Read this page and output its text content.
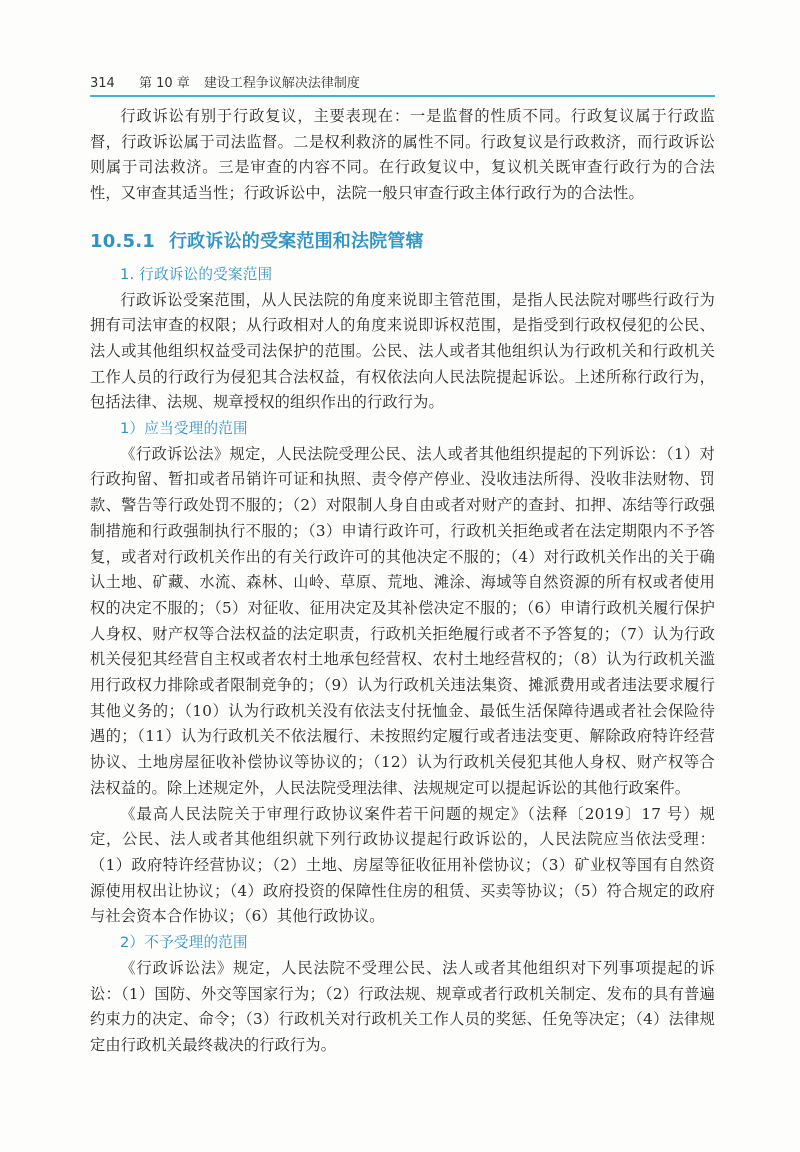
314 第 10 章 建设工程争议解决法律制度

行政诉讼有别于行政复议，主要表现在：一是监督的性质不同。行政复议属于行政监督，行政诉讼属于司法监督。二是权利救济的属性不同。行政复议是行政救济，而行政诉讼则属于司法救济。三是审查的内容不同。在行政复议中，复议机关既审查行政行为的合法性，又审查其适当性；行政诉讼中，法院一般只审查行政主体行政行为的合法性。

10.5.1 行政诉讼的受案范围和法院管辖
1. 行政诉讼的受案范围

行政诉讼受案范围，从人民法院的角度来说即主管范围，是指人民法院对哪些行政行为拥有司法审查的权限；从行政相对人的角度来说即诉权范围，是指受到行政权侵犯的公民、法人或其他组织权益受司法保护的范围。公民、法人或者其他组织认为行政机关和行政机关工作人员的行政行为侵犯其合法权益，有权依法向人民法院提起诉讼。上述所称行政行为，包括法律、法规、规章授权的组织作出的行政行为。

1）应当受理的范围

《行政诉讼法》规定，人民法院受理公民、法人或者其他组织提起的下列诉讼：（1）对行政拘留、暂扣或者吊销许可证和执照、责令停产停业、没收违法所得、没收非法财物、罚款、警告等行政处罚不服的；（2）对限制人身自由或者对财产的查封、扣押、冻结等行政强制措施和行政强制执行不服的；（3）申请行政许可，行政机关拒绝或者在法定期限内不予答复，或者对行政机关作出的有关行政许可的其他决定不服的；（4）对行政机关作出的关于确认土地、矿藏、水流、森林、山岭、草原、荒地、滩涂、海域等自然资源的所有权或者使用权的决定不服的；（5）对征收、征用决定及其补偿决定不服的；（6）申请行政机关履行保护人身权、财产权等合法权益的法定职责，行政机关拒绝履行或者不予答复的；（7）认为行政机关侵犯其经营自主权或者农村土地承包经营权、农村土地经营权的；（8）认为行政机关滥用行政权力排除或者限制竞争的；（9）认为行政机关违法集资、摊派费用或者违法要求履行其他义务的；（10）认为行政机关没有依法支付抚恤金、最低生活保障待遇或者社会保险待遇的；（11）认为行政机关不依法履行、未按照约定履行或者违法变更、解除政府特许经营协议、土地房屋征收补偿协议等协议的；（12）认为行政机关侵犯其他人身权、财产权等合法权益的。除上述规定外，人民法院受理法律、法规规定可以提起诉讼的其他行政案件。

《最高人民法院关于审理行政协议案件若干问题的规定》（法释〔2019〕17 号）规定，公民、法人或者其他组织就下列行政协议提起行政诉讼的，人民法院应当依法受理：（1）政府特许经营协议；（2）土地、房屋等征收征用补偿协议；（3）矿业权等国有自然资源使用权出让协议；（4）政府投资的保障性住房的租赁、买卖等协议；（5）符合规定的政府与社会资本合作协议；（6）其他行政协议。

2）不予受理的范围

《行政诉讼法》规定，人民法院不受理公民、法人或者其他组织对下列事项提起的诉讼：（1）国防、外交等国家行为；（2）行政法规、规章或者行政机关制定、发布的具有普遍约束力的决定、命令；（3）行政机关对行政机关工作人员的奖惩、任免等决定；（4）法律规定由行政机关最终裁决的行政行为。
